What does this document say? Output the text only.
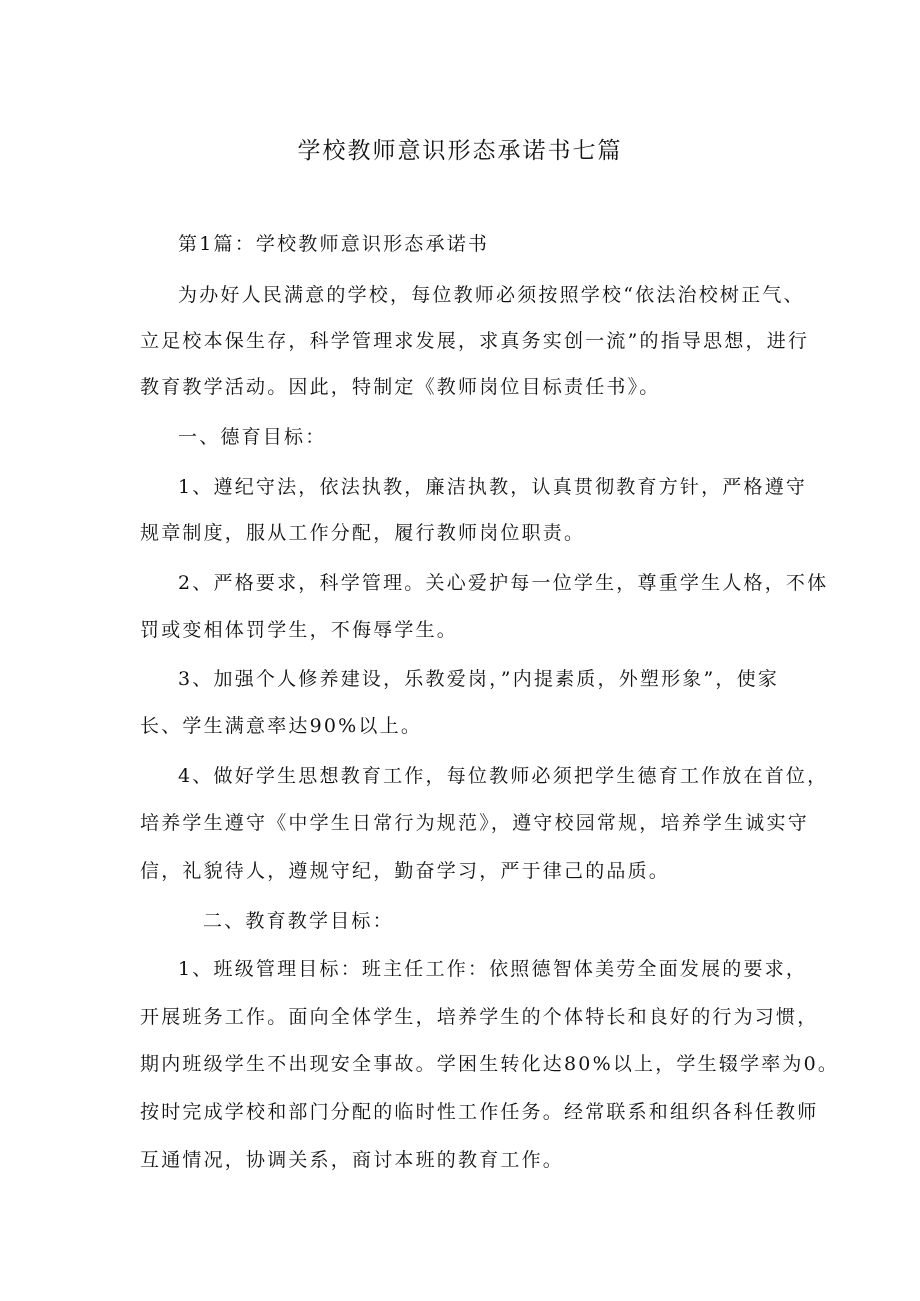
学校教师意识形态承诺书七篇
第1篇：学校教师意识形态承诺书
为办好人民满意的学校，每位教师必须按照学校“依法治校树正气、
立足校本保生存，科学管理求发展，求真务实创一流”的指导思想，进行
教育教学活动。因此，特制定《教师岗位目标责任书》。
一、德育目标：
1、遵纪守法，依法执教，廉洁执教，认真贯彻教育方针，严格遵守
规章制度，服从工作分配，履行教师岗位职责。
2、严格要求，科学管理。关心爱护每一位学生，尊重学生人格，不体
罚或变相体罚学生，不侮辱学生。
3、加强个人修养建设，乐教爱岗，”内提素质，外塑形象”，使家
长、学生满意率达90%以上。
4、做好学生思想教育工作，每位教师必须把学生德育工作放在首位，
培养学生遵守《中学生日常行为规范》，遵守校园常规，培养学生诚实守
信，礼貌待人，遵规守纪，勤奋学习，严于律己的品质。
二、教育教学目标：
1、班级管理目标：班主任工作：依照德智体美劳全面发展的要求，
开展班务工作。面向全体学生，培养学生的个体特长和良好的行为习惯，
期内班级学生不出现安全事故。学困生转化达80%以上，学生辍学率为0。
按时完成学校和部门分配的临时性工作任务。经常联系和组织各科任教师
互通情况，协调关系，商讨本班的教育工作。
